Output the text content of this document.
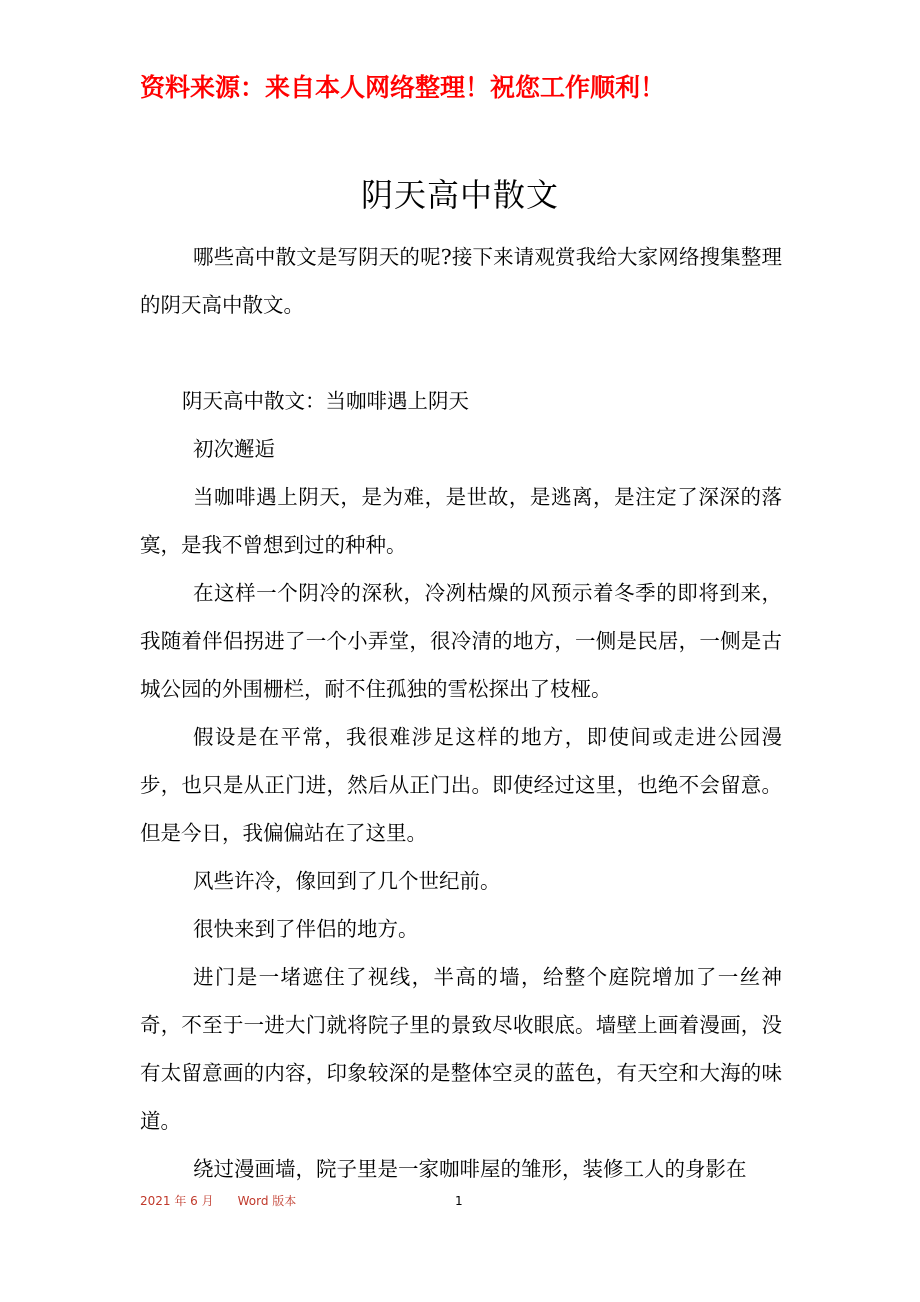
资料来源：来自本人网络整理！祝您工作顺利！
阴天高中散文

哪些高中散文是写阴天的呢?接下来请观赏我给大家网络搜集整理的阴天高中散文。

阴天高中散文：当咖啡遇上阴天

初次邂逅

当咖啡遇上阴天，是为难，是世故，是逃离，是注定了深深的落寞，是我不曾想到过的种种。

在这样一个阴冷的深秋，冷冽枯燥的风预示着冬季的即将到来，我随着伴侣拐进了一个小弄堂，很冷清的地方，一侧是民居，一侧是古城公园的外围栅栏，耐不住孤独的雪松探出了枝桠。

假设是在平常，我很难涉足这样的地方，即使间或走进公园漫步，也只是从正门进，然后从正门出。即使经过这里，也绝不会留意。但是今日，我偏偏站在了这里。

风些许冷，像回到了几个世纪前。

很快来到了伴侣的地方。

进门是一堵遮住了视线，半高的墙，给整个庭院增加了一丝神奇，不至于一进大门就将院子里的景致尽收眼底。墙壁上画着漫画，没有太留意画的内容，印象较深的是整体空灵的蓝色，有天空和大海的味道。

绕过漫画墙，院子里是一家咖啡屋的雏形，装修工人的身影在

2021 年 6 月 Word 版本	1
